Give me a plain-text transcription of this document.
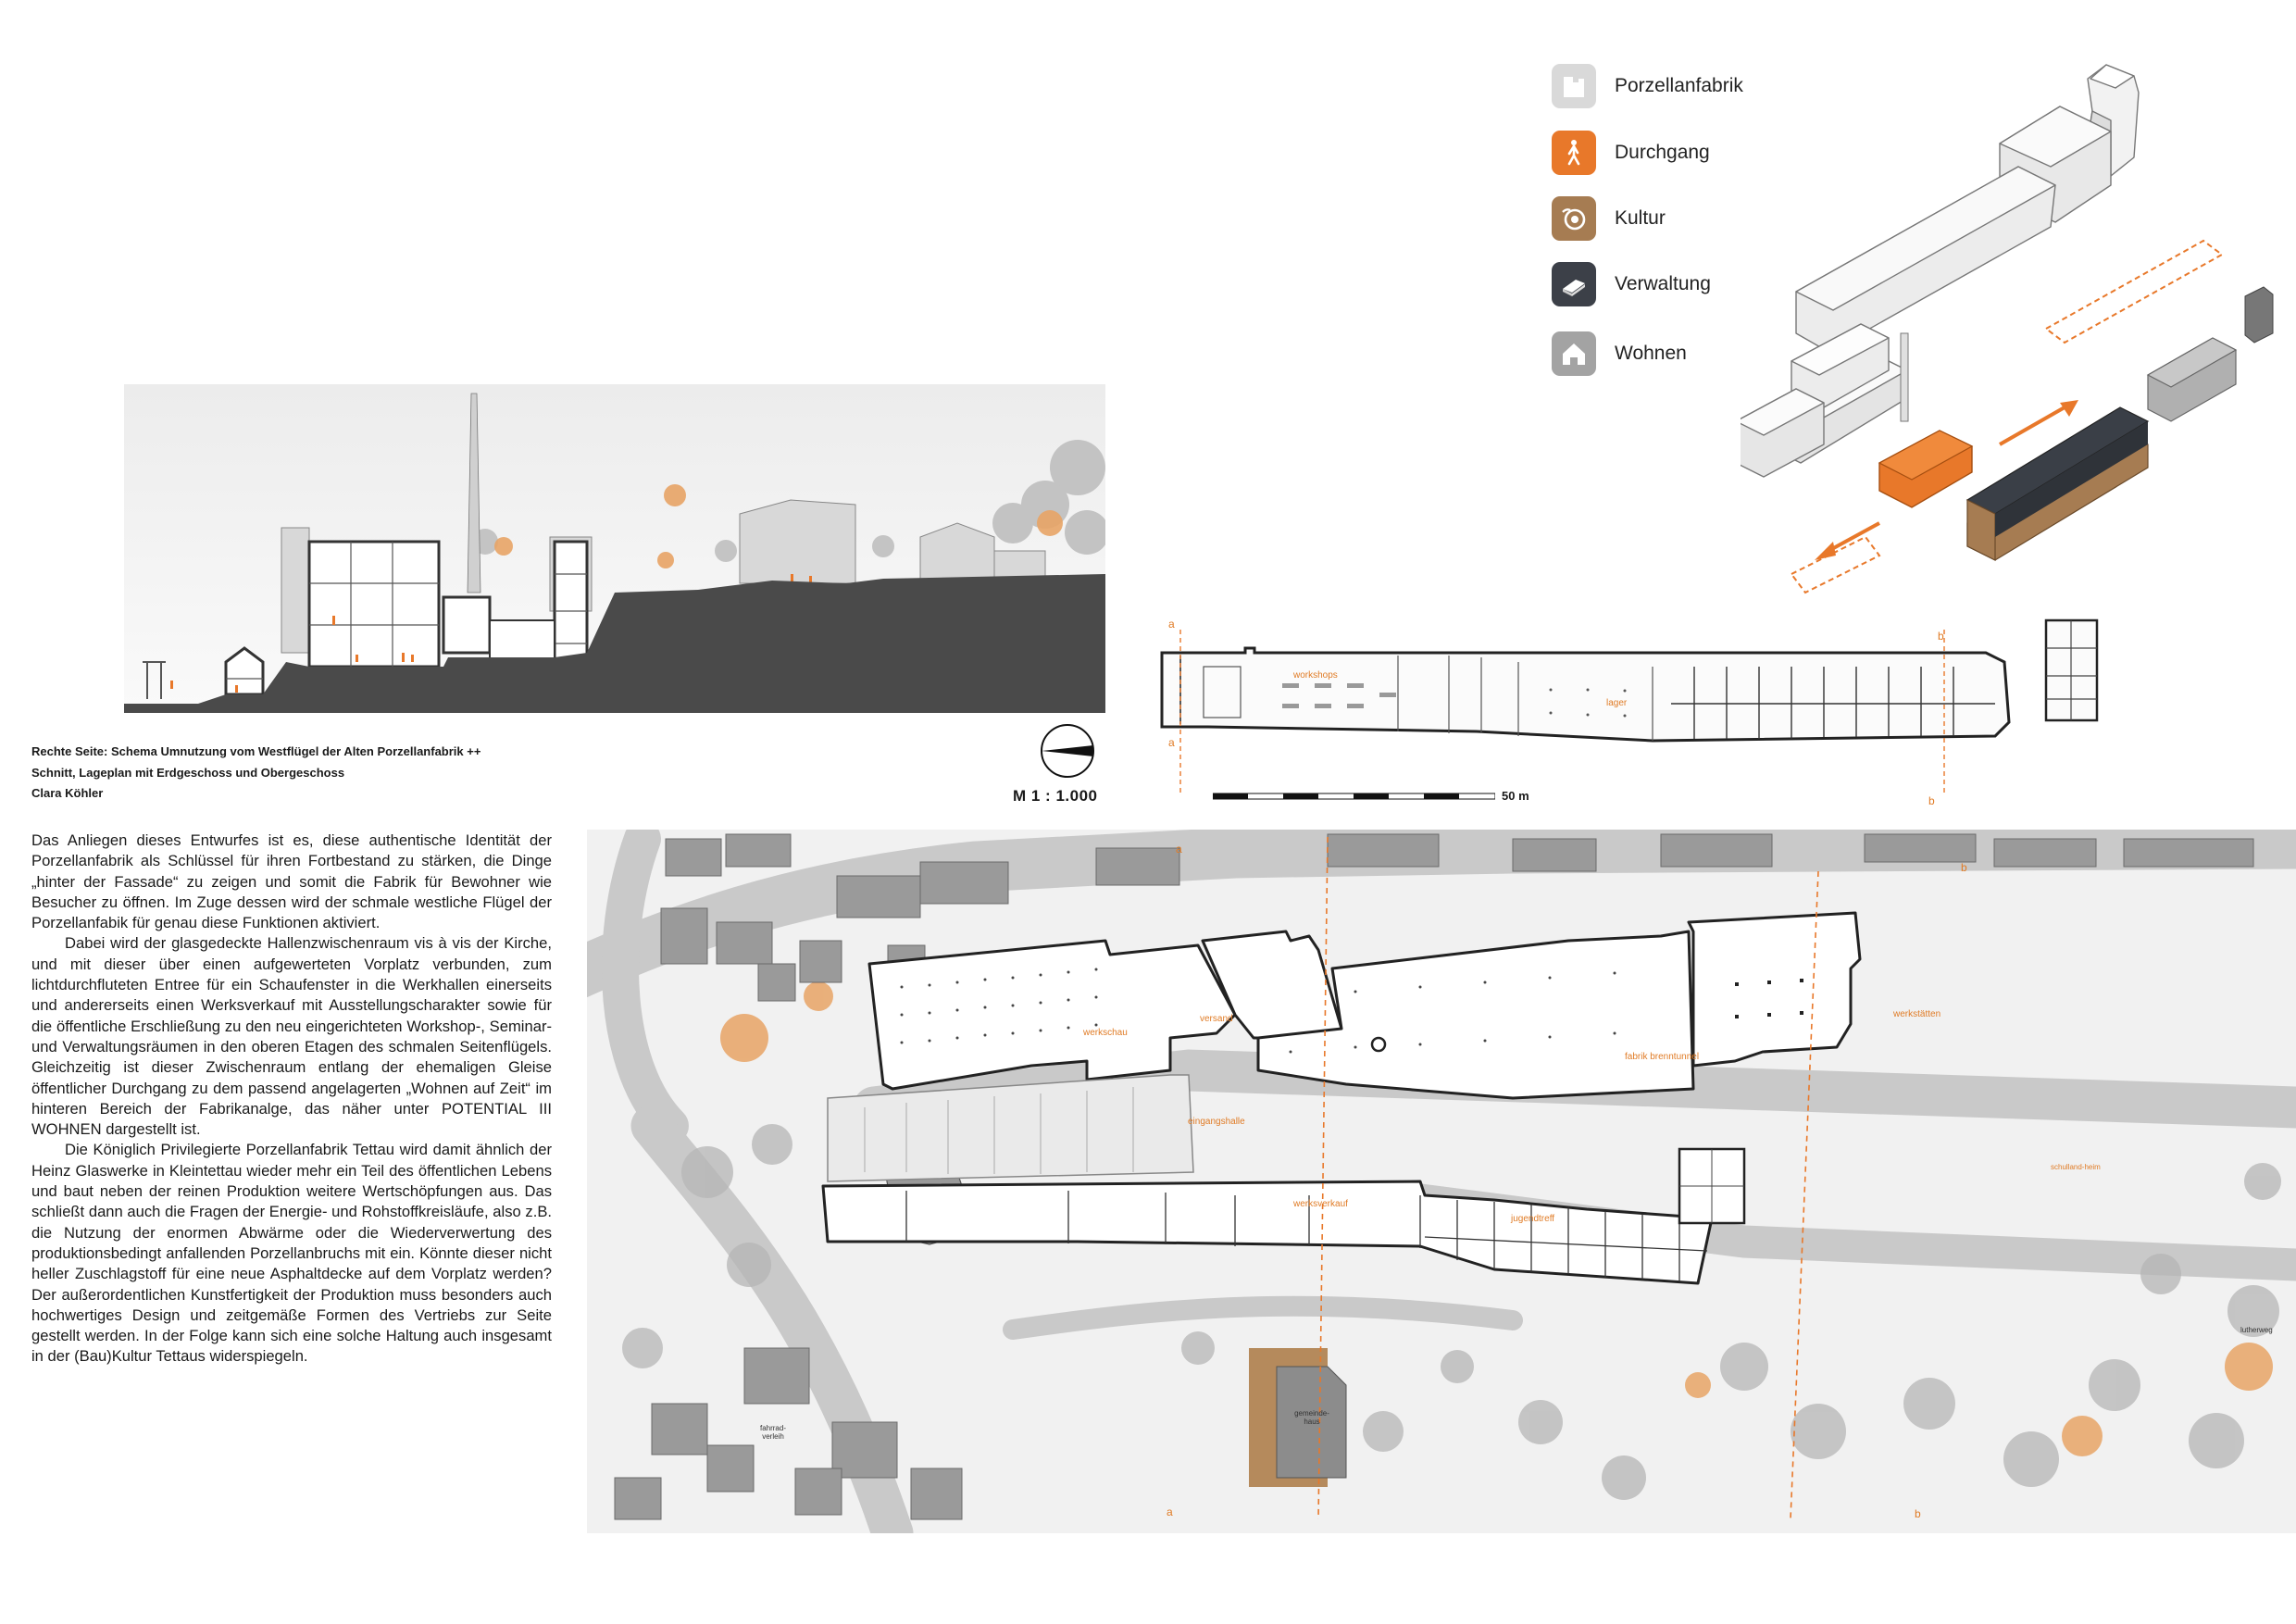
Porzellanfabrik
Durchgang
Kultur
Verwaltung
Wohnen
Rechte Seite: Schema Umnutzung vom Westflügel der Alten Porzellanfabrik ++
Schnitt, Lageplan mit Erdgeschoss und Obergeschoss
Clara Köhler	M 1 : 1.000	50 m
workshops
lager
a
a
b
b
werkschau
versand	werkstätten
fabrik brenntunnel
eingangshalle
werksverkauf
jugendtreff
schulland-heim
gemeinde-haus
fahrrad-verleih
lutherweg
a
a
b
b

Das Anliegen dieses Entwurfes ist es, diese authentische Identität der Porzellanfabrik als Schlüssel für ihren Fortbestand zu stärken, die Dinge „hinter der Fassade“ zu zeigen und somit die Fabrik für Bewohner wie Besucher zu öffnen. Im Zuge dessen wird der schmale westliche Flügel der Porzellanfabik für genau diese Funktionen aktiviert.

Dabei wird der glasgedeckte Hallenzwischenraum vis à vis der Kirche, und mit dieser über einen aufgewerteten Vorplatz verbunden, zum lichtdurchfluteten Entree für ein Schaufenster in die Werkhallen einerseits und andererseits einen Werksverkauf mit Ausstellungscharakter sowie für die öffentliche Erschließung zu den neu eingerichteten Workshop-, Seminar- und Verwaltungsräumen in den oberen Etagen des schmalen Seitenflügels. Gleichzeitig ist dieser Zwischenraum entlang der ehemaligen Gleise öffentlicher Durchgang zu dem passend angelagerten „Wohnen auf Zeit“ im hinteren Bereich der Fabrikanalge, das näher unter POTENTIAL III WOHNEN dargestellt ist.

Die Königlich Privilegierte Porzellanfabrik Tettau wird damit ähnlich der Heinz Glaswerke in Kleintettau wieder mehr ein Teil des öffentlichen Lebens und baut neben der reinen Produktion weitere Wertschöpfungen aus. Das schließt dann auch die Fragen der Energie- und Rohstoffkreisläufe, also z.B. die Nutzung der enormen Abwärme oder die Wiederverwertung des produktionsbedingt anfallenden Porzellanbruchs mit ein. Könnte dieser nicht heller Zuschlagstoff für eine neue Asphaltdecke auf dem Vorplatz werden? Der außerordentlichen Kunstfertigkeit der Produktion muss besonders auch hochwertiges Design und zeitgemäße Formen des Vertriebs zur Seite gestellt werden. In der Folge kann sich eine solche Haltung auch insgesamt in der (Bau)Kultur Tettaus widerspiegeln.
